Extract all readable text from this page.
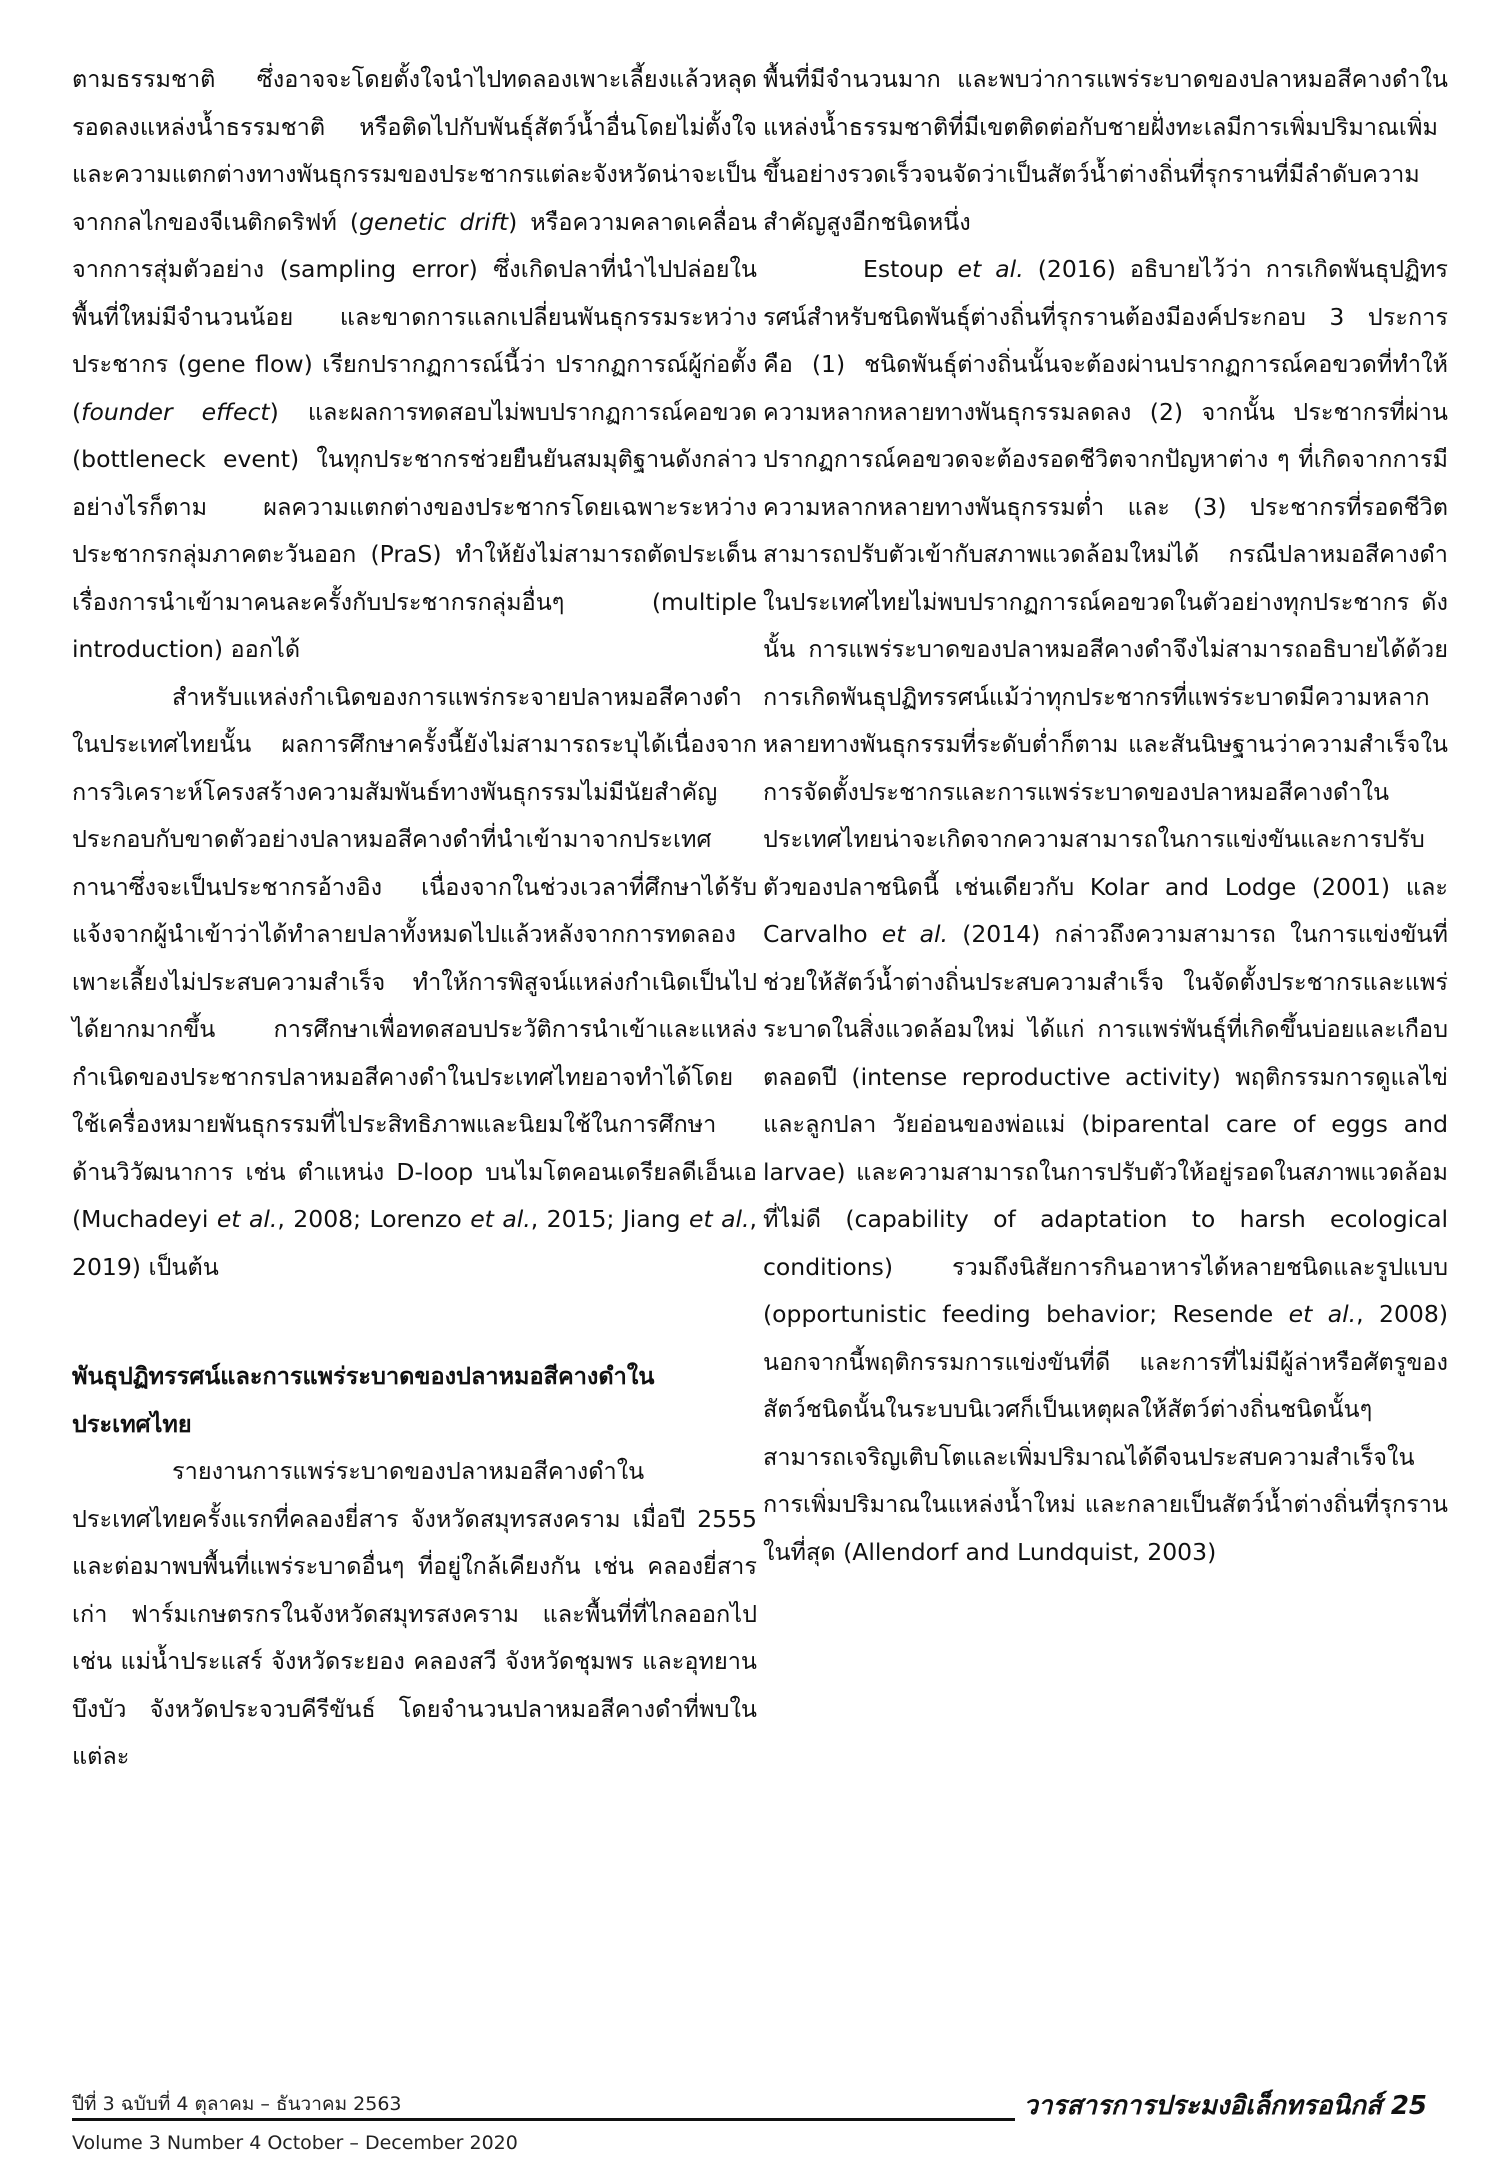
ตามธรรมชาติ ซึ่งอาจจะโดยตั้งใจนำไปทดลองเพาะเลี้ยงแล้วหลุดรอดลงแหล่งน้ำธรรมชาติ หรือติดไปกับพันธุ์สัตว์น้ำอื่นโดยไม่ตั้งใจ และความแตกต่างทางพันธุกรรมของประชากรแต่ละจังหวัดน่าจะเป็นจากกลไกของจีเนติกดริฟท์ (genetic drift) หรือความคลาดเคลื่อนจากการสุ่มตัวอย่าง (sampling error) ซึ่งเกิดปลาที่นำไปปล่อยในพื้นที่ใหม่มีจำนวนน้อย และขาดการแลกเปลี่ยนพันธุกรรมระหว่างประชากร (gene flow) เรียกปรากฏการณ์นี้ว่า ปรากฏการณ์ผู้ก่อตั้ง (founder effect) และผลการทดสอบไม่พบปรากฏการณ์คอขวด (bottleneck event) ในทุกประชากรช่วยยืนยันสมมุติฐานดังกล่าว อย่างไรก็ตาม ผลความแตกต่างของประชากรโดยเฉพาะระหว่างประชากรกลุ่มภาคตะวันออก (PraS) ทำให้ยังไม่สามารถตัดประเด็นเรื่องการนำเข้ามาคนละครั้งกับประชากรกลุ่มอื่นๆ (multiple introduction) ออกได้

สำหรับแหล่งกำเนิดของการแพร่กระจายปลาหมอสีคางดำในประเทศไทยนั้น ผลการศึกษาครั้งนี้ยังไม่สามารถระบุได้เนื่องจากการวิเคราะห์โครงสร้างความสัมพันธ์ทางพันธุกรรมไม่มีนัยสำคัญ ประกอบกับขาดตัวอย่างปลาหมอสีคางดำที่นำเข้ามาจากประเทศกานาซึ่งจะเป็นประชากรอ้างอิง เนื่องจากในช่วงเวลาที่ศึกษาได้รับแจ้งจากผู้นำเข้าว่าได้ทำลายปลาทั้งหมดไปแล้วหลังจากการทดลองเพาะเลี้ยงไม่ประสบความสำเร็จ ทำให้การพิสูจน์แหล่งกำเนิดเป็นไปได้ยากมากขึ้น การศึกษาเพื่อทดสอบประวัติการนำเข้าและแหล่งกำเนิดของประชากรปลาหมอสีคางดำในประเทศไทยอาจทำได้โดยใช้เครื่องหมายพันธุกรรมที่ไประสิทธิภาพและนิยมใช้ในการศึกษาด้านวิวัฒนาการ เช่น ตำแหน่ง D-loop บนไมโตคอนเดรียลดีเอ็นเอ (Muchadeyi et al., 2008; Lorenzo et al., 2015; Jiang et al., 2019) เป็นต้น

พันธุปฏิทรรศน์และการแพร่ระบาดของปลาหมอสีคางดำในประเทศไทย

รายงานการแพร่ระบาดของปลาหมอสีคางดำในประเทศไทยครั้งแรกที่คลองยี่สาร จังหวัดสมุทรสงคราม เมื่อปี 2555 และต่อมาพบพื้นที่แพร่ระบาดอื่นๆ ที่อยู่ใกล้เคียงกัน เช่น คลองยี่สารเก่า ฟาร์มเกษตรกรในจังหวัดสมุทรสงคราม และพื้นที่ที่ไกลออกไป เช่น แม่น้ำประแสร์ จังหวัดระยอง คลองสวี จังหวัดชุมพร และอุทยานบึงบัว จังหวัดประจวบคีรีขันธ์ โดยจำนวนปลาหมอสีคางดำที่พบในแต่ละ

พื้นที่มีจำนวนมาก และพบว่าการแพร่ระบาดของปลาหมอสีคางดำในแหล่งน้ำธรรมชาติที่มีเขตติดต่อกับชายฝั่งทะเลมีการเพิ่มปริมาณเพิ่มขึ้นอย่างรวดเร็วจนจัดว่าเป็นสัตว์น้ำต่างถิ่นที่รุกรานที่มีลำดับความสำคัญสูงอีกชนิดหนึ่ง

Estoup et al. (2016) อธิบายไว้ว่า การเกิดพันธุปฏิทรรศน์สำหรับชนิดพันธุ์ต่างถิ่นที่รุกรานต้องมีองค์ประกอบ 3 ประการ คือ (1) ชนิดพันธุ์ต่างถิ่นนั้นจะต้องผ่านปรากฏการณ์คอขวดที่ทำให้ความหลากหลายทางพันธุกรรมลดลง (2) จากนั้น ประชากรที่ผ่านปรากฏการณ์คอขวดจะต้องรอดชีวิตจากปัญหาต่าง ๆ ที่เกิดจากการมีความหลากหลายทางพันธุกรรมต่ำ และ (3) ประชากรที่รอดชีวิตสามารถปรับตัวเข้ากับสภาพแวดล้อมใหม่ได้ กรณีปลาหมอสีคางดำในประเทศไทยไม่พบปรากฏการณ์คอขวดในตัวอย่างทุกประชากร ดังนั้น การแพร่ระบาดของปลาหมอสีคางดำจึงไม่สามารถอธิบายได้ด้วยการเกิดพันธุปฏิทรรศน์แม้ว่าทุกประชากรที่แพร่ระบาดมีความหลากหลายทางพันธุกรรมที่ระดับต่ำก็ตาม และสันนิษฐานว่าความสำเร็จในการจัดตั้งประชากรและการแพร่ระบาดของปลาหมอสีคางดำในประเทศไทยน่าจะเกิดจากความสามารถในการแข่งขันและการปรับตัวของปลาชนิดนี้ เช่นเดียวกับ Kolar and Lodge (2001) และ Carvalho et al. (2014) กล่าวถึงความสามารถ ในการแข่งขันที่ช่วยให้สัตว์น้ำต่างถิ่นประสบความสำเร็จ ในจัดตั้งประชากรและแพร่ระบาดในสิ่งแวดล้อมใหม่ ได้แก่ การแพร่พันธุ์ที่เกิดขึ้นบ่อยและเกือบตลอดปี (intense reproductive activity) พฤติกรรมการดูแลไข่และลูกปลา วัยอ่อนของพ่อแม่ (biparental care of eggs and larvae) และความสามารถในการปรับตัวให้อยู่รอดในสภาพแวดล้อมที่ไม่ดี (capability of adaptation to harsh ecological conditions) รวมถึงนิสัยการกินอาหารได้หลายชนิดและรูปแบบ (opportunistic feeding behavior; Resende et al., 2008) นอกจากนี้พฤติกรรมการแข่งขันที่ดี และการที่ไม่มีผู้ล่าหรือศัตรูของสัตว์ชนิดนั้นในระบบนิเวศก็เป็นเหตุผลให้สัตว์ต่างถิ่นชนิดนั้นๆ สามารถเจริญเติบโตและเพิ่มปริมาณได้ดีจนประสบความสำเร็จในการเพิ่มปริมาณในแหล่งน้ำใหม่ และกลายเป็นสัตว์น้ำต่างถิ่นที่รุกรานในที่สุด (Allendorf and Lundquist, 2003)

ปีที่ 3 ฉบับที่ 4 ตุลาคม – ธันวาคม 2563	วารสารการประมงอิเล็กทรอนิกส์ 25
Volume 3 Number 4 October – December 2020
